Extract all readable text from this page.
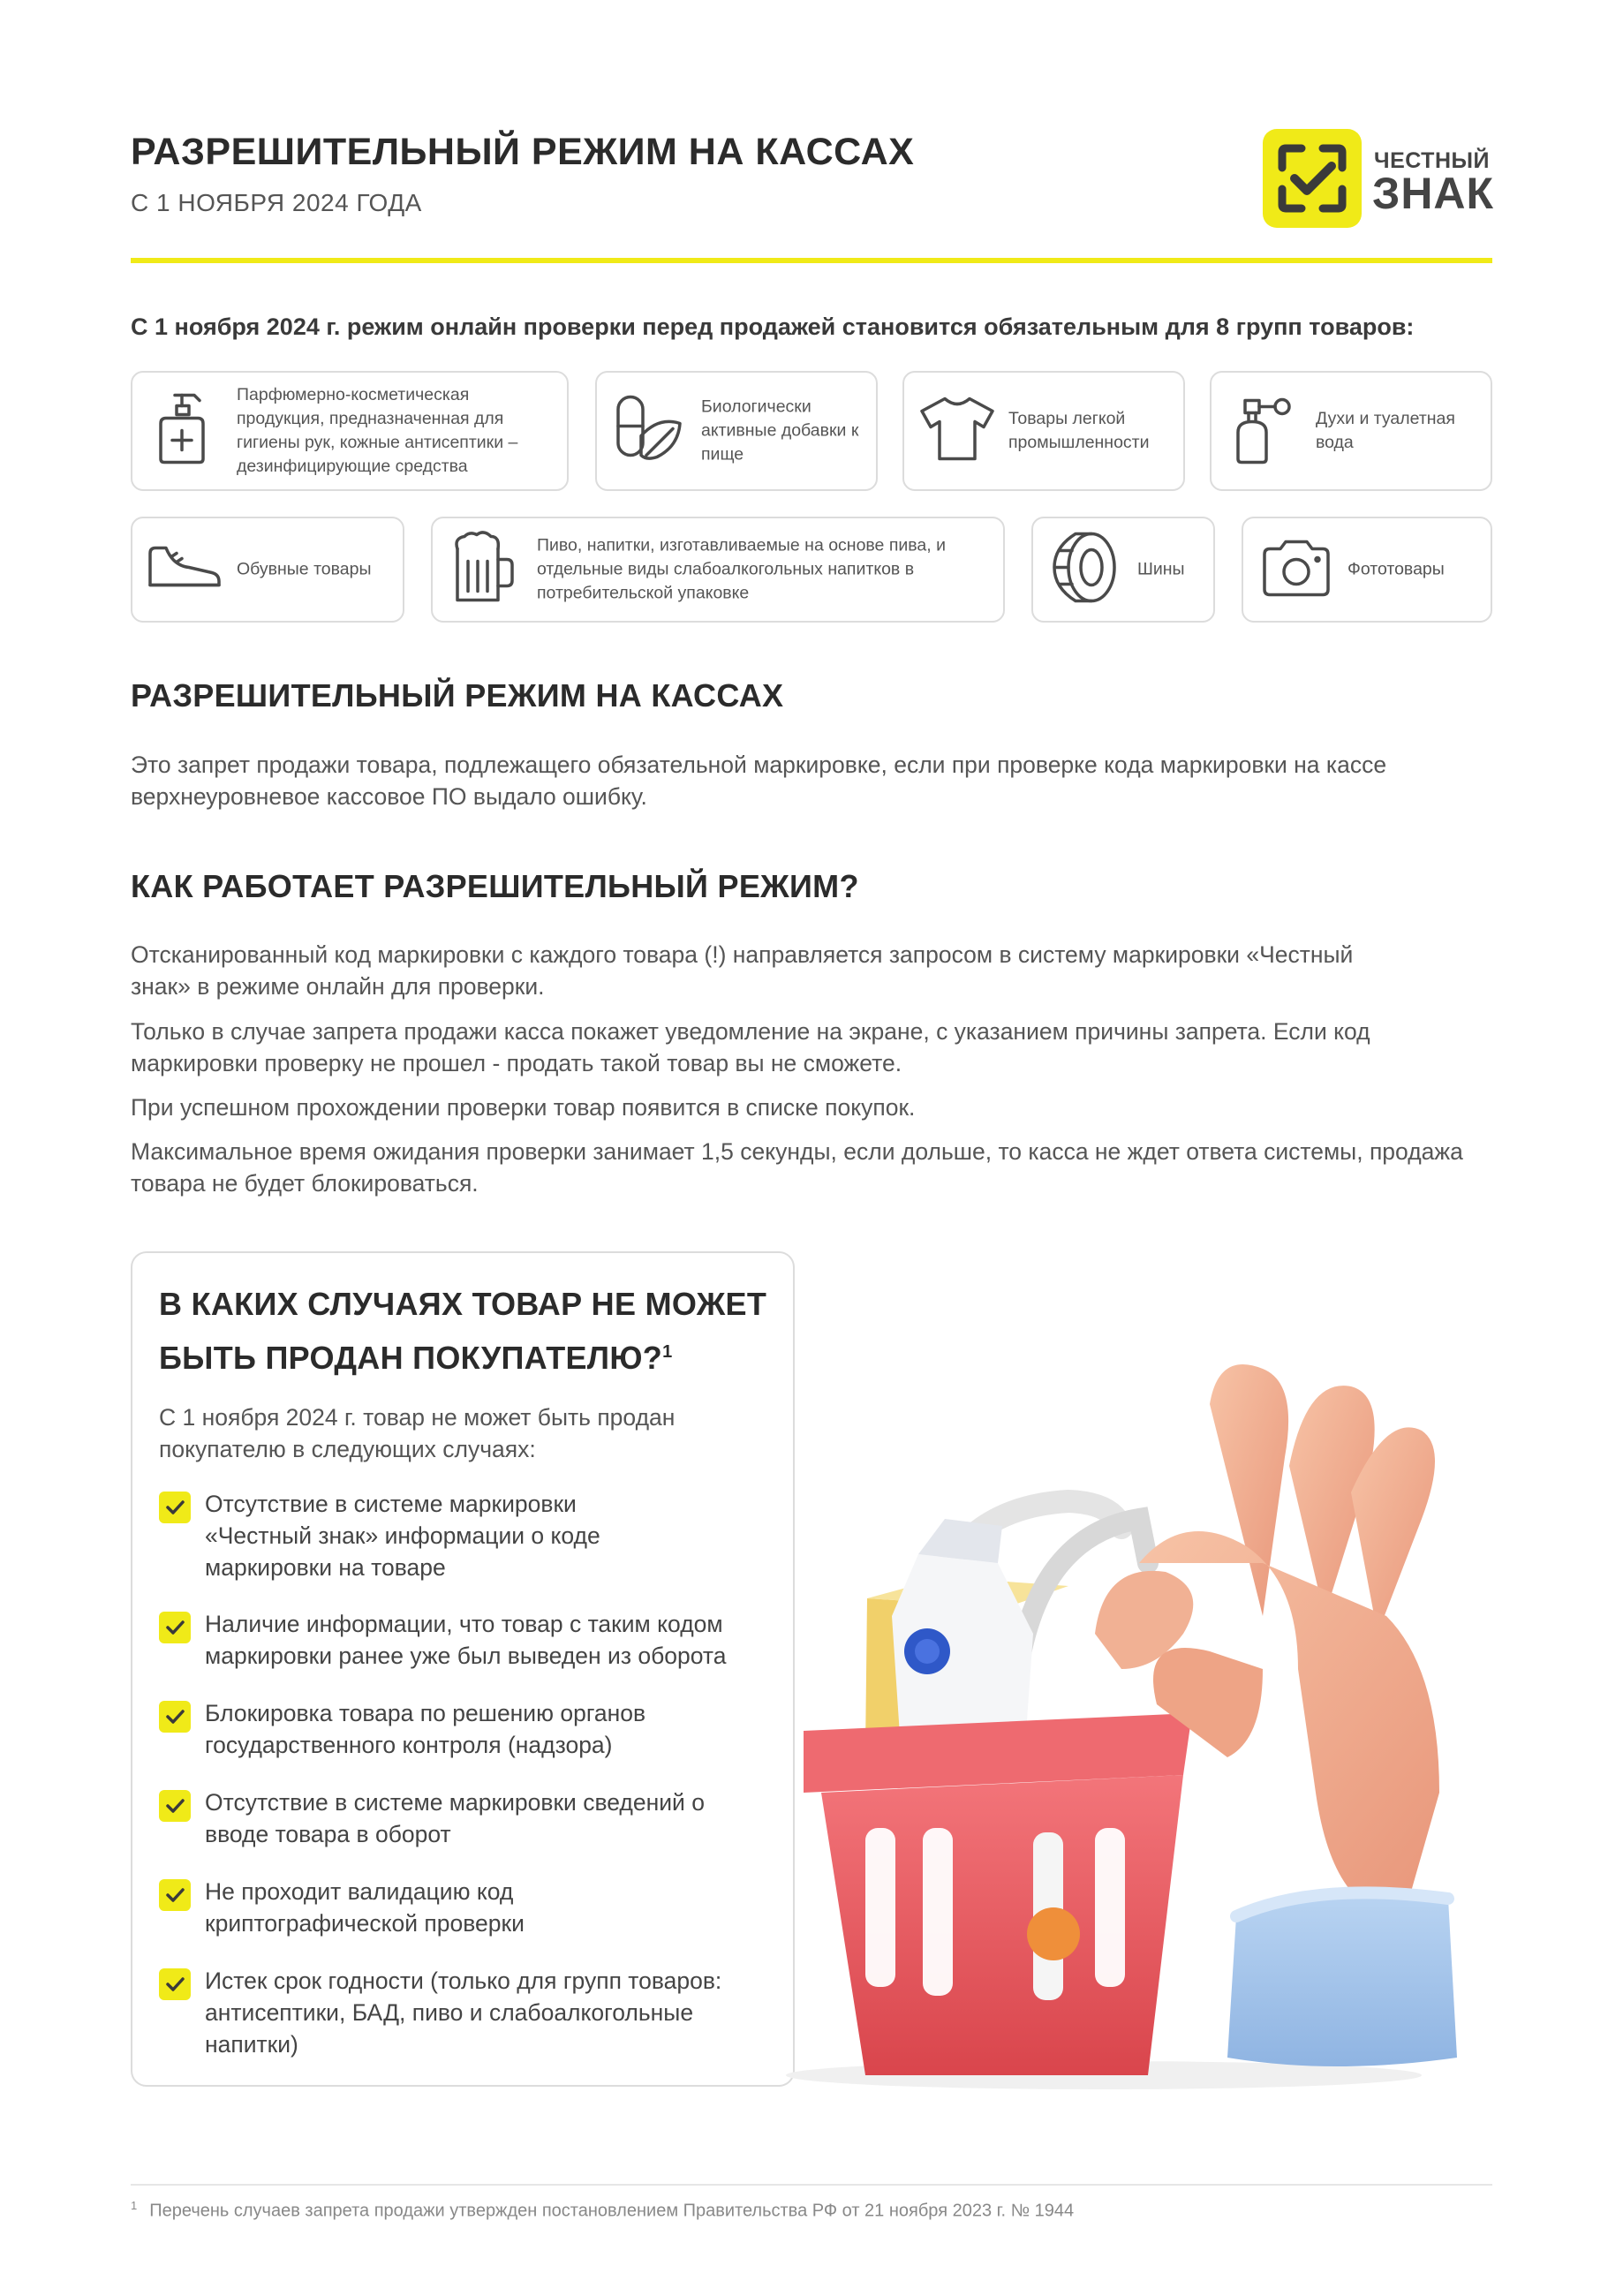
РАЗРЕШИТЕЛЬНЫЙ РЕЖИМ НА КАССАХ
С 1 НОЯБРЯ 2024 ГОДА
ЧЕСТНЫЙ
ЗНАК
С 1 ноября 2024 г. режим онлайн проверки перед продажей становится обязательным для 8 групп товаров:
Парфюмерно-косметическая продукция, предназначенная для гигиены рук, кожные антисептики – дезинфицирующие средства
Биологически активные добавки к пище
Товары легкой промышленности
Духи и туалетная вода
Обувные товары
Пиво, напитки, изготавливаемые на основе пива, и отдельные виды слабоалкогольных напитков в потребительской упаковке
Шины	Фототовары
РАЗРЕШИТЕЛЬНЫЙ РЕЖИМ НА КАССАХ
Это запрет продажи товара, подлежащего обязательной маркировке, если при проверке кода маркировки на кассе верхнеуровневое кассовое ПО выдало ошибку.
КАК РАБОТАЕТ РАЗРЕШИТЕЛЬНЫЙ РЕЖИМ?
Отсканированный код маркировки с каждого товара (!) направляется запросом в систему маркировки «Честный знак» в режиме онлайн для проверки.
Только в случае запрета продажи касса покажет уведомление на экране, с указанием причины запрета. Если код маркировки проверку не прошел - продать такой товар вы не сможете.
При успешном прохождении проверки товар появится в списке покупок.
Максимальное время ожидания проверки занимает 1,5 секунды, если дольше, то касса не ждет ответа системы, продажа товара не будет блокироваться.
В КАКИХ СЛУЧАЯХ ТОВАР НЕ МОЖЕТ
БЫТЬ ПРОДАН ПОКУПАТЕЛЮ?$^1$
С 1 ноября 2024 г. товар не может быть продан покупателю в следующих случаях:
Отсутствие в системе маркировки «Честный знак» информации о коде маркировки на товаре
Наличие информации, что товар с таким кодом маркировки ранее уже был выведен из оборота
Блокировка товара по решению органов государственного контроля (надзора)
Отсутствие в системе маркировки сведений о вводе товара в оборот
Не проходит валидацию код криптографической проверки
Истек срок годности (только для групп товаров: антисептики, БАД, пиво и слабоалкогольные напитки)
$^1$ Перечень случаев запрета продажи утвержден постановлением Правительства РФ от 21 ноября 2023 г. № 1944
